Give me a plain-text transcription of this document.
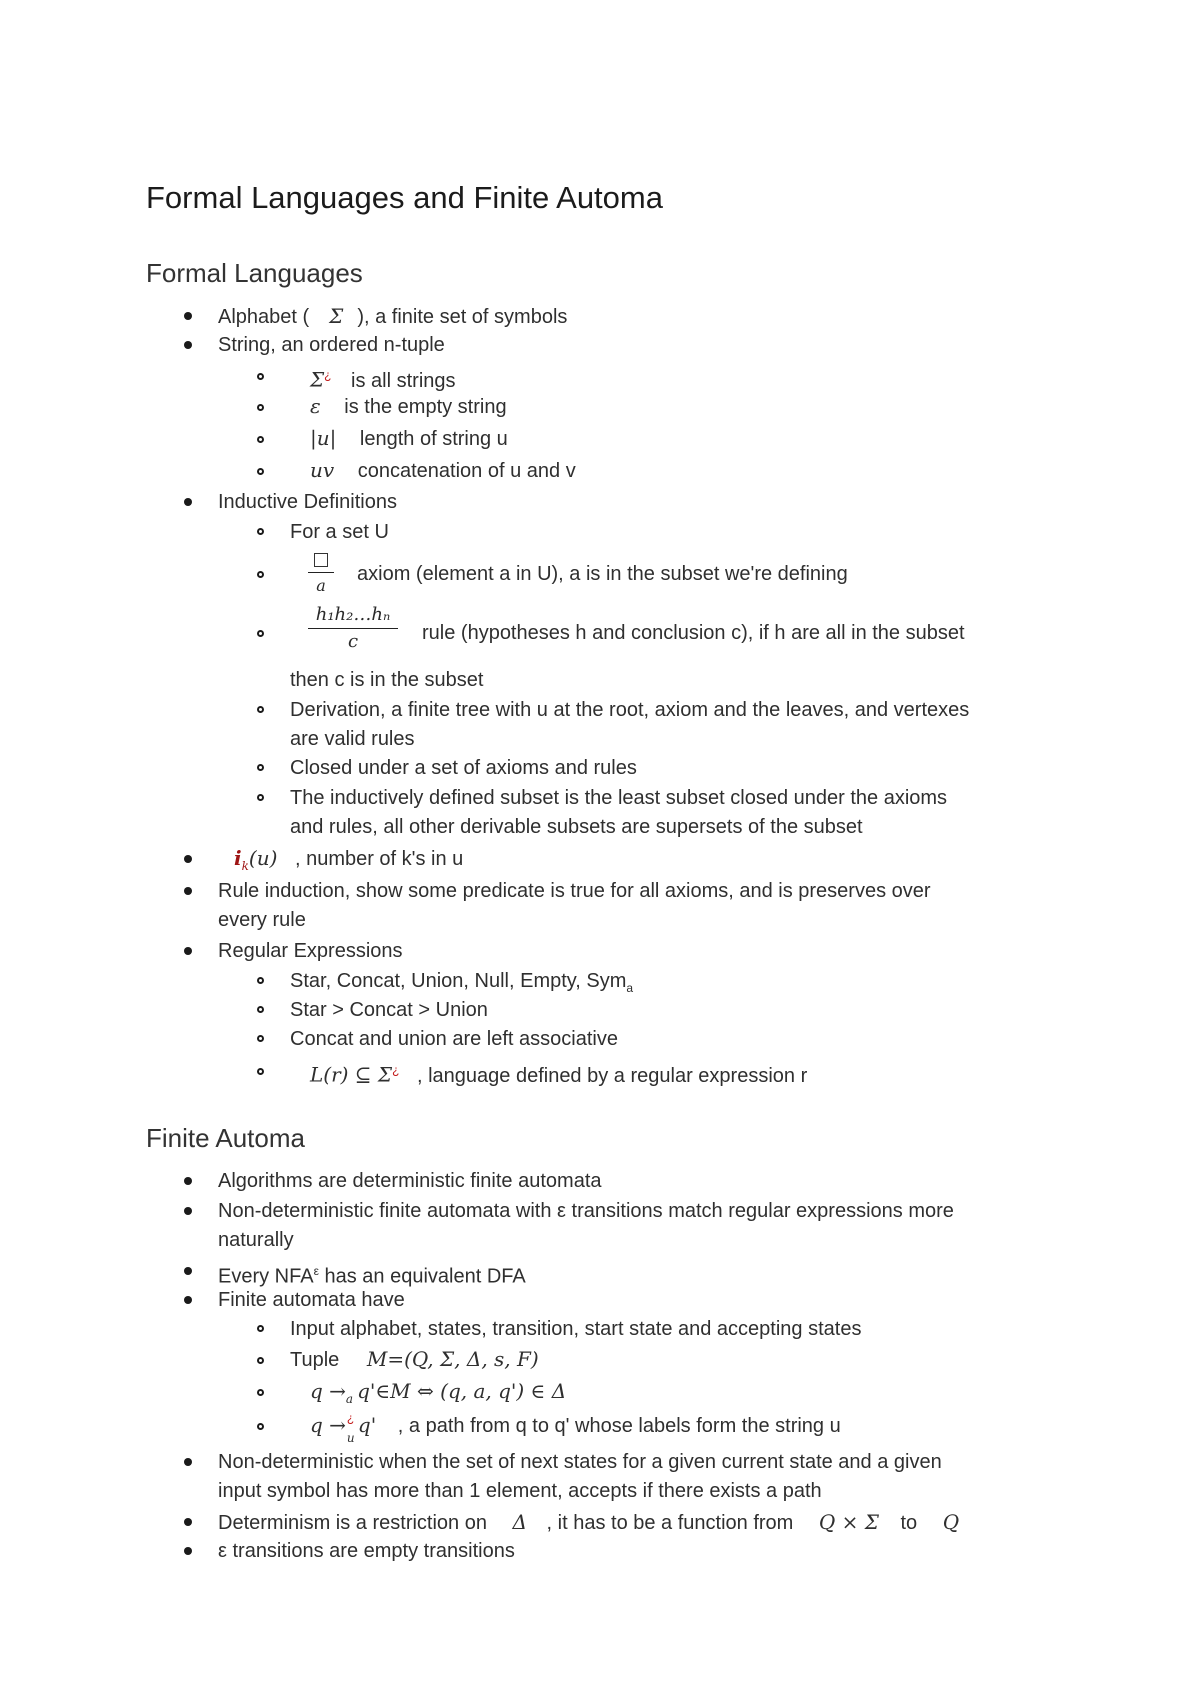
Formal Languages and Finite Automa
Formal Languages
Alphabet ( Σ ), a finite set of symbols
String, an ordered n-tuple
Σ¿ is all strings
ε is the empty string
|u| length of string u
uv concatenation of u and v
Inductive Definitions
For a set U
a
axiom (element a in U), a is in the subset we're defining
$\frac{\text{h₁h₂…hₙ}}{c}$ rule (hypotheses h and conclusion c), if h are all in the subset
then c is in the subset
Derivation, a finite tree with u at the root, axiom and the leaves, and vertexes
are valid rules
Closed under a set of axioms and rules
The inductively defined subset is the least subset closed under the axioms
and rules, all other derivable subsets are supersets of the subset
$i_k(u)$ , number of k's in u
Rule induction, show some predicate is true for all axioms, and is preserves over
every rule
Regular Expressions
Star, Concat, Union, Null, Empty, Sym$_a$
Star > Concat > Union
Concat and union are left associative
L(r) ⊆ Σ¿ , language defined by a regular expression r
Finite Automa
Algorithms are deterministic finite automata
Non-deterministic finite automata with ε transitions match regular expressions more
naturally
Every $NFA^\varepsilon$ has an equivalent DFA
Finite automata have
Input alphabet, states, transition, start state and accepting states
Tuple M=(Q, Σ, Δ, s, F)
$q \to_a$ q'∈M ⇔ (q, a, q') ∈ Δ
q → ¿
u
q' , a path from q to q' whose labels form the string u
Non-deterministic when the set of next states for a given current state and a given
input symbol has more than 1 element, accepts if there exists a path
Determinism is a restriction on Δ , it has to be a function from Q × Σ to Q
ε transitions are empty transitions
